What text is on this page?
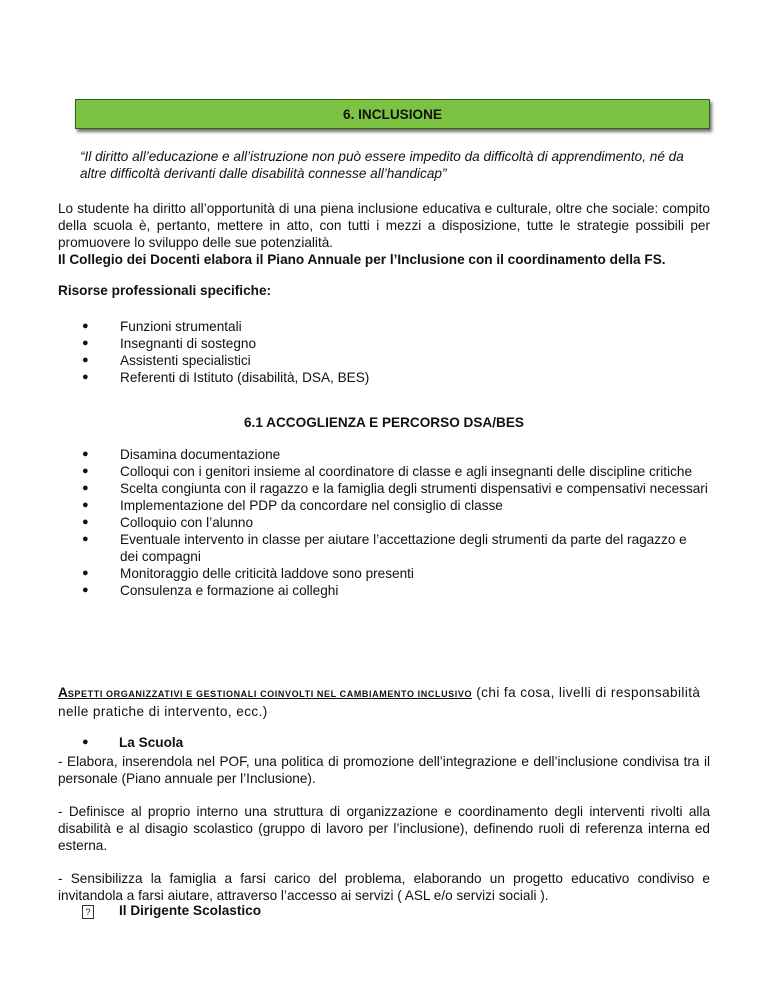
6. INCLUSIONE
“Il diritto all’educazione e all’istruzione non può essere impedito da difficoltà di apprendimento, né da altre difficoltà derivanti dalle disabilità connesse all’handicap”
Lo studente ha diritto all’opportunità di una piena inclusione educativa e culturale, oltre che sociale: compito della scuola è, pertanto, mettere in atto, con tutti i mezzi a disposizione, tutte le strategie possibili per promuovere lo sviluppo delle sue potenzialità.
Il Collegio dei Docenti elabora il Piano Annuale per l’Inclusione con il coordinamento della FS.
Risorse professionali specifiche:
● Funzioni strumentali
● Insegnanti di sostegno
● Assistenti specialistici
● Referenti di Istituto (disabilità, DSA, BES)
6.1 ACCOGLIENZA E PERCORSO DSA/BES
● Disamina documentazione
● Colloqui con i genitori insieme al coordinatore di classe e agli insegnanti delle discipline critiche
● Scelta congiunta con il ragazzo e la famiglia degli strumenti dispensativi e compensativi necessari
● Implementazione del PDP da concordare nel consiglio di classe
● Colloquio con l’alunno
● Eventuale intervento in classe per aiutare l’accettazione degli strumenti da parte del ragazzo e dei compagni
● Monitoraggio delle criticità laddove sono presenti
● Consulenza e formazione ai colleghi
ASPETTI ORGANIZZATIVI E GESTIONALI COINVOLTI NEL CAMBIAMENTO INCLUSIVO (chi fa cosa, livelli di responsabilità nelle pratiche di intervento, ecc.)
● La Scuola
- Elabora, inserendola nel POF, una politica di promozione dell’integrazione e dell’inclusione condivisa tra il personale (Piano annuale per l’Inclusione).
- Definisce al proprio interno una struttura di organizzazione e coordinamento degli interventi rivolti alla disabilità e al disagio scolastico (gruppo di lavoro per l’inclusione), definendo ruoli di referenza interna ed esterna.
- Sensibilizza la famiglia a farsi carico del problema, elaborando un progetto educativo condiviso e invitandola a farsi aiutare, attraverso l’accesso ai servizi ( ASL e/o servizi sociali ).
? Il Dirigente Scolastico
